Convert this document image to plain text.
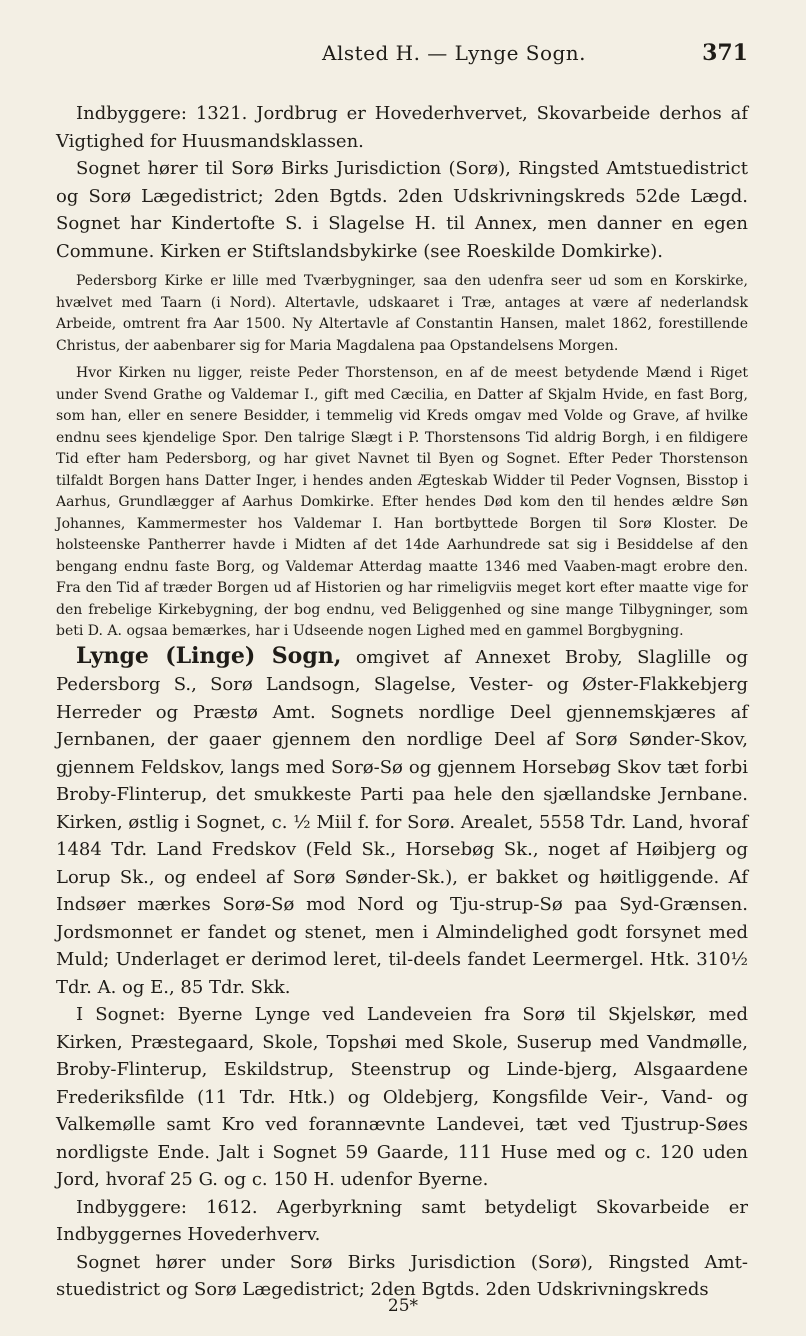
Alsted H. — Lynge Sogn.	371

Indbyggere: 1321. Jordbrug er Hovederhvervet, Skovarbeide derhos af Vigtighed for Huusmandsklassen.

Sognet hører til Sorø Birks Jurisdiction (Sorø), Ringsted Amtstuedistrict og Sorø Lægedistrict; 2den Bgtds. 2den Udskrivningskreds 52de Lægd. Sognet har Kindertofte S. i Slagelse H. til Annex, men danner en egen Commune. Kirken er Stiftslandsbykirke (see Roeskilde Domkirke).

Pedersborg Kirke er lille med Tværbygninger, saa den udenfra seer ud som en Korskirke, hvælvet med Taarn (i Nord). Altertavle, udskaaret i Træ, antages at være af nederlandsk Arbeide, omtrent fra Aar 1500. Ny Altertavle af Constantin Hansen, malet 1862, forestillende Christus, der aabenbarer sig for Maria Magdalena paa Opstandelsens Morgen.

Hvor Kirken nu ligger, reiste Peder Thorstenson, en af de meest betydende Mænd i Riget under Svend Grathe og Valdemar I., gift med Cæcilia, en Datter af Skjalm Hvide, en fast Borg, som han, eller en senere Besidder, i temmelig vid Kreds omgav med Volde og Grave, af hvilke endnu sees kjendelige Spor. Den talrige Slægt i P. Thorstensons Tid aldrig Borgh, i en fildigere Tid efter ham Pedersborg, og har givet Navnet til Byen og Sognet. Efter Peder Thorstenson tilfaldt Borgen hans Datter Inger, i hendes anden Ægteskab Widder til Peder Vognsen, Bisstop i Aarhus, Grundlægger af Aarhus Domkirke. Efter hendes Død kom den til hendes ældre Søn Johannes, Kammermester hos Valdemar I. Han bortbyttede Borgen til Sorø Kloster. De holsteenske Pantherrer havde i Midten af det 14de Aarhundrede sat sig i Besiddelse af den bengang endnu faste Borg, og Valdemar Atterdag maatte 1346 med Vaaben-magt erobre den. Fra den Tid af træder Borgen ud af Historien og har rimeligviis meget kort efter maatte vige for den frebelige Kirkebygning, der bog endnu, ved Beliggenhed og sine mange Tilbygninger, som beti D. A. ogsaa bemærkes, har i Udseende nogen Lighed med en gammel Borgbygning.

Lynge (Linge) Sogn, omgivet af Annexet Broby, Slaglille og Pedersborg S., Sorø Landsogn, Slagelse, Vester- og Øster-Flakkebjerg Herreder og Præstø Amt. Sognets nordlige Deel gjennemskjæres af Jernbanen, der gaaer gjennem den nordlige Deel af Sorø Sønder-Skov, gjennem Feldskov, langs med Sorø-Sø og gjennem Horsebøg Skov tæt forbi Broby-Flinterup, det smukkeste Parti paa hele den sjællandske Jernbane. Kirken, østlig i Sognet, c. ½ Miil f. for Sorø. Arealet, 5558 Tdr. Land, hvoraf 1484 Tdr. Land Fredskov (Feld Sk., Horsebøg Sk., noget af Høibjerg og Lorup Sk., og endeel af Sorø Sønder-Sk.), er bakket og høitliggende. Af Indsøer mærkes Sorø-Sø mod Nord og Tju-strup-Sø paa Syd-Grænsen. Jordsmonnet er fandet og stenet, men i Almindelighed godt forsynet med Muld; Underlaget er derimod leret, til-deels fandet Leermergel. Htk. 310½ Tdr. A. og E., 85 Tdr. Skk.

I Sognet: Byerne Lynge ved Landeveien fra Sorø til Skjelskør, med Kirken, Præstegaard, Skole, Topshøi med Skole, Suserup med Vandmølle, Broby-Flinterup, Eskildstrup, Steenstrup og Linde-bjerg, Alsgaardene Frederiksfilde (11 Tdr. Htk.) og Oldebjerg, Kongsfilde Veir-, Vand- og Valkemølle samt Kro ved forannævnte Landevei, tæt ved Tjustrup-Søes nordligste Ende. Jalt i Sognet 59 Gaarde, 111 Huse med og c. 120 uden Jord, hvoraf 25 G. og c. 150 H. udenfor Byerne.

Indbyggere: 1612. Agerbyrkning samt betydeligt Skovarbeide er Indbyggernes Hovederhverv.

Sognet hører under Sorø Birks Jurisdiction (Sorø), Ringsted Amt-stuedistrict og Sorø Lægedistrict; 2den Bgtds. 2den Udskrivningskreds

25*
